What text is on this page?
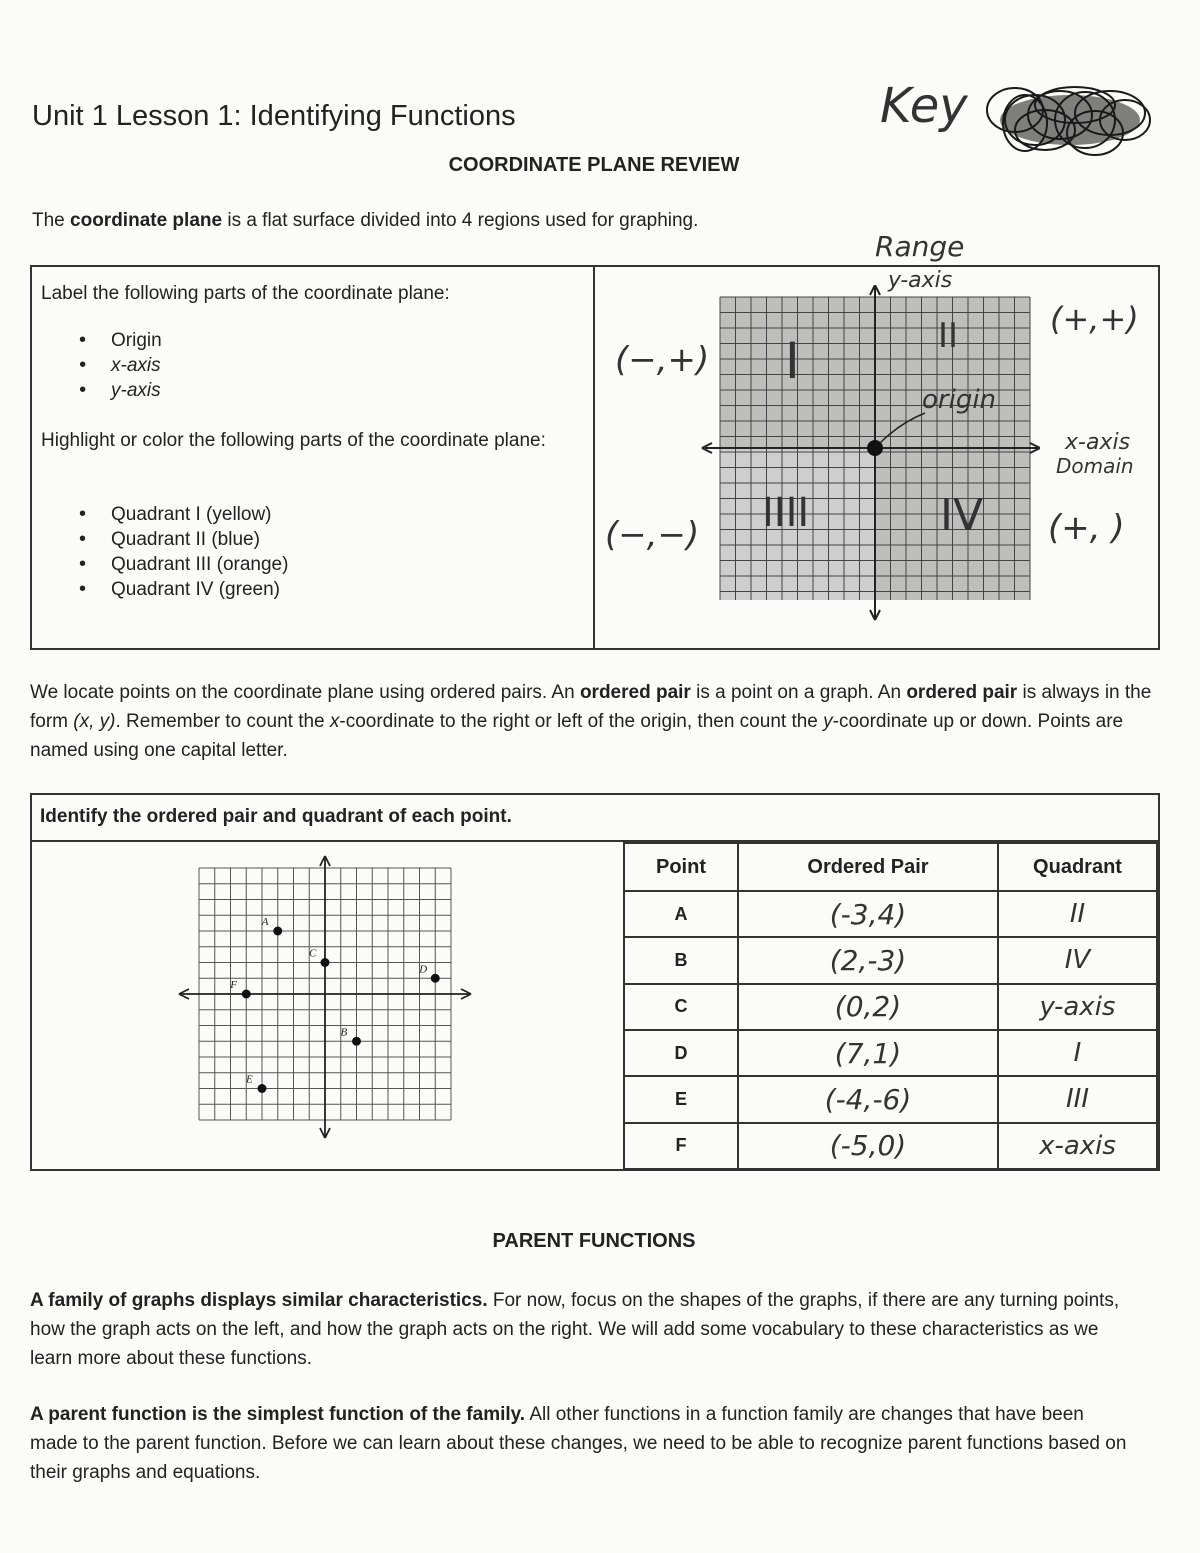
Unit 1 Lesson 1: Identifying Functions	Key
COORDINATE PLANE REVIEW
The coordinate plane is a flat surface divided into 4 regions used for graphing.
Label the following parts of the coordinate plane:
• Origin
• x-axis
• y-axis
Highlight or color the following parts of the coordinate plane:
• Quadrant I (yellow)
• Quadrant II (blue)
• Quadrant III (orange)
• Quadrant IV (green)
Range
y-axis
origin
x-axis
Domain
(−,+)
(+,+)
(−,−)	(+, )
I	II
IIII	IV
We locate points on the coordinate plane using ordered pairs. An ordered pair is a point on a graph. An ordered pair is always in the form (x, y). Remember to count the x-coordinate to the right or left of the origin, then count the y-coordinate up or down. Points are named using one capital letter.
Identify the ordered pair and quadrant of each point.
A
B
C
D
E
F
Point	Ordered Pair	Quadrant
A	(-3,4)	II
B	(2,-3)	IV
C	(0,2)	y-axis
D	(7,1)	I
E	(-4,-6)	III
F	(-5,0)	x-axis
PARENT FUNCTIONS
A family of graphs displays similar characteristics. For now, focus on the shapes of the graphs, if there are any turning points, how the graph acts on the left, and how the graph acts on the right. We will add some vocabulary to these characteristics as we learn more about these functions.
A parent function is the simplest function of the family. All other functions in a function family are changes that have been made to the parent function. Before we can learn about these changes, we need to be able to recognize parent functions based on their graphs and equations.
